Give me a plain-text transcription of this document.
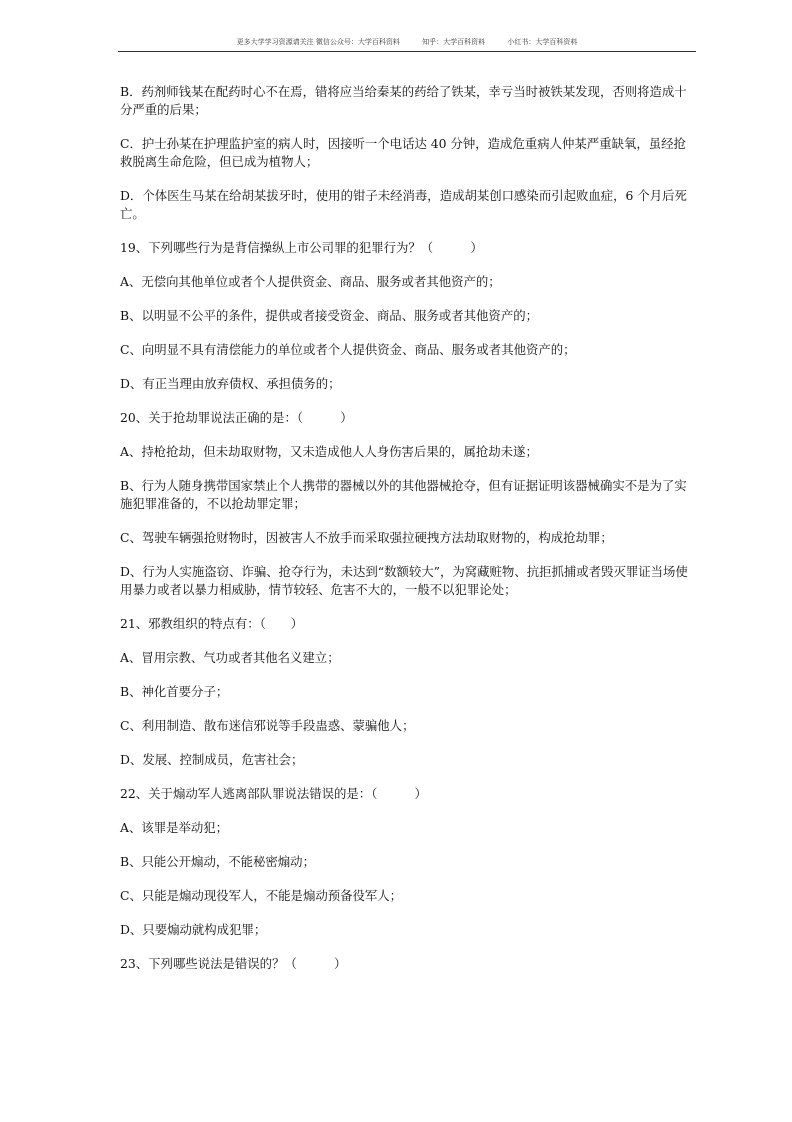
更多大学学习资源请关注 微信公众号：大学百科资料	知乎：大学百科资料	小红书：大学百科资料

B．药剂师钱某在配药时心不在焉，错将应当给秦某的药给了铁某，幸亏当时被铁某发现，否则将造成十分严重的后果；

C．护士孙某在护理监护室的病人时，因接听一个电话达 40 分钟，造成危重病人仲某严重缺氧，虽经抢救脱离生命危险，但已成为植物人；

D．个体医生马某在给胡某拔牙时，使用的钳子未经消毒，造成胡某创口感染而引起败血症，6 个月后死亡。

19、下列哪些行为是背信操纵上市公司罪的犯罪行为？（　　　）

A、无偿向其他单位或者个人提供资金、商品、服务或者其他资产的；

B、以明显不公平的条件，提供或者接受资金、商品、服务或者其他资产的；

C、向明显不具有清偿能力的单位或者个人提供资金、商品、服务或者其他资产的；

D、有正当理由放弃债权、承担债务的；

20、关于抢劫罪说法正确的是：（　　　）

A、持枪抢劫，但未劫取财物，又未造成他人人身伤害后果的，属抢劫未遂；

B、行为人随身携带国家禁止个人携带的器械以外的其他器械抢夺，但有证据证明该器械确实不是为了实施犯罪准备的，不以抢劫罪定罪；

C、驾驶车辆强抢财物时，因被害人不放手而采取强拉硬拽方法劫取财物的，构成抢劫罪；

D、行为人实施盗窃、诈骗、抢夺行为，未达到“数额较大”，为窝藏赃物、抗拒抓捕或者毁灭罪证当场使用暴力或者以暴力相威胁，情节较轻、危害不大的，一般不以犯罪论处；

21、邪教组织的特点有：（　　）

A、冒用宗教、气功或者其他名义建立；

B、神化首要分子；

C、利用制造、散布迷信邪说等手段蛊惑、蒙骗他人；

D、发展、控制成员，危害社会；

22、关于煽动军人逃离部队罪说法错误的是：（　　　）

A、该罪是举动犯；

B、只能公开煽动，不能秘密煽动；

C、只能是煽动现役军人，不能是煽动预备役军人；

D、只要煽动就构成犯罪；

23、下列哪些说法是错误的？（　　　）
